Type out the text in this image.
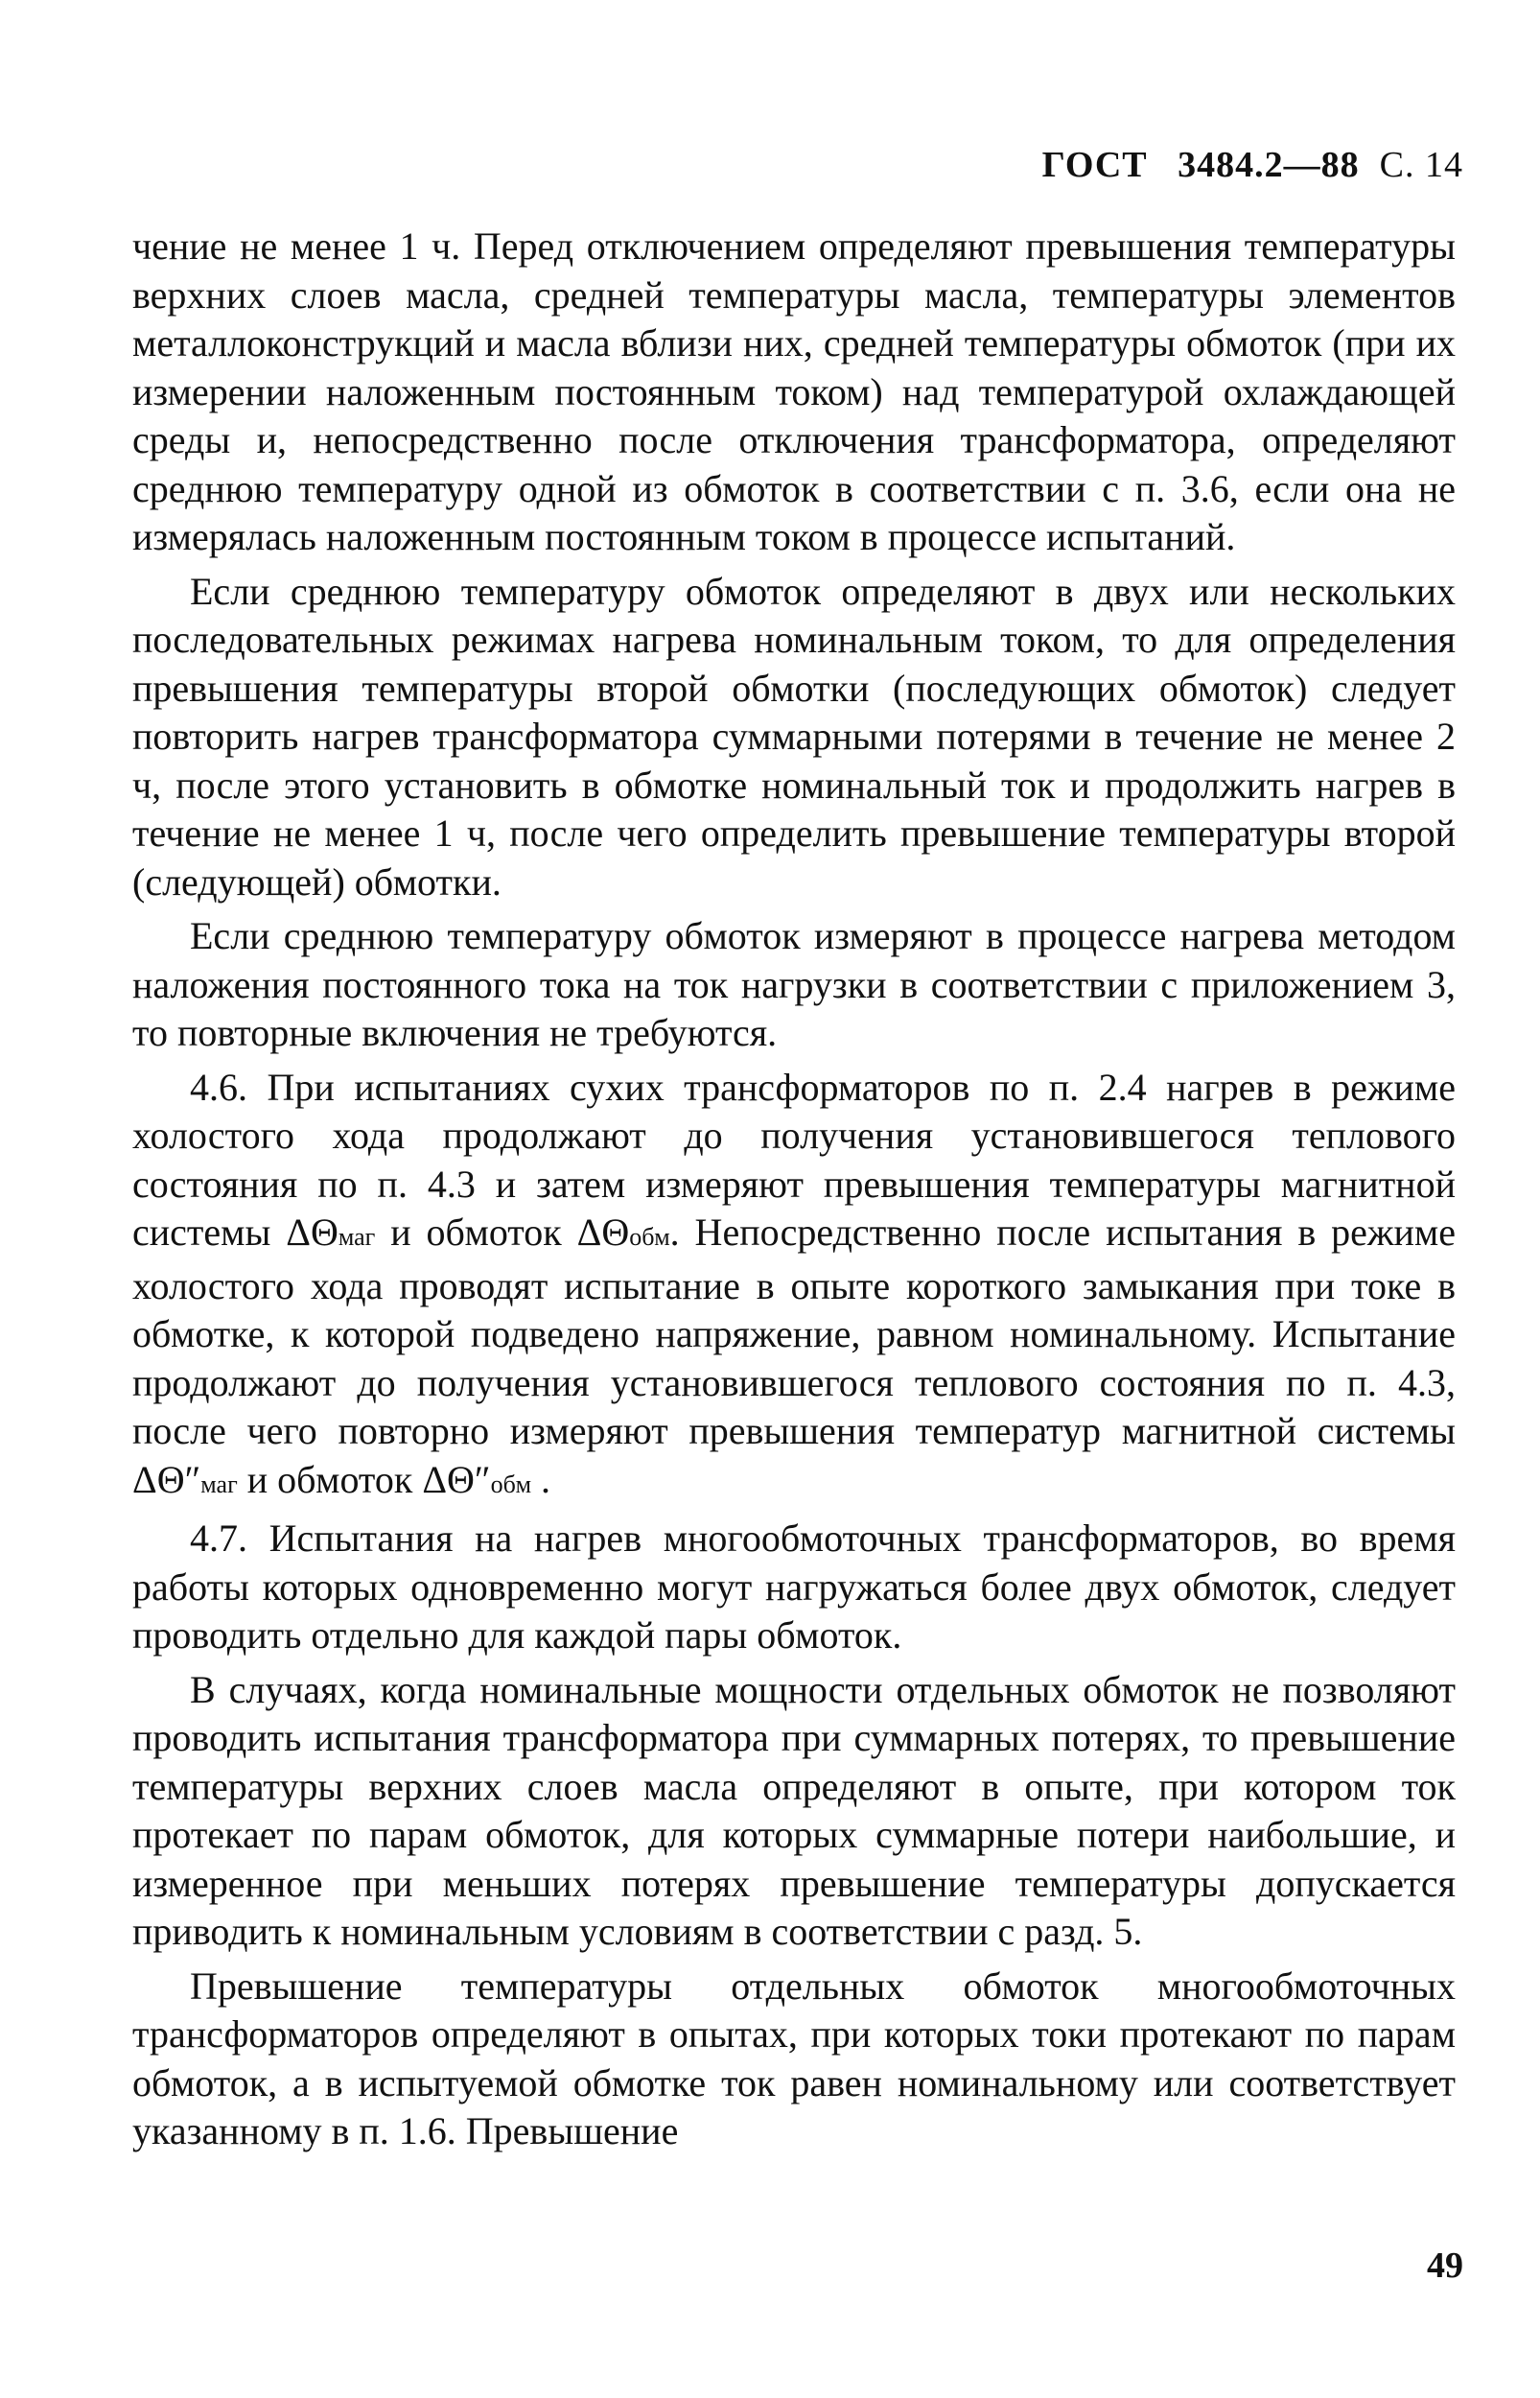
ГОСТ 3484.2—88 С. 14

чение не менее 1 ч. Перед отключением определяют превышения температуры верхних слоев масла, средней температуры масла, температуры элементов металлоконструкций и масла вблизи них, средней температуры обмоток (при их измерении наложенным постоянным током) над температурой охлаждающей среды и, непосредственно после отключения трансформатора, определяют среднюю температуру одной из обмоток в соответствии с п. 3.6, если она не измерялась наложенным постоянным током в процессе испытаний.

Если среднюю температуру обмоток определяют в двух или нескольких последовательных режимах нагрева номинальным током, то для определения превышения температуры второй обмотки (последующих обмоток) следует повторить нагрев трансформатора суммарными потерями в течение не менее 2 ч, после этого установить в обмотке номинальный ток и продолжить нагрев в течение не менее 1 ч, после чего определить превышение температуры второй (следующей) обмотки.

Если среднюю температуру обмоток измеряют в процессе нагрева методом наложения постоянного тока на ток нагрузки в соответствии с приложением 3, то повторные включения не требуются.

4.6. При испытаниях сухих трансформаторов по п. 2.4 нагрев в режиме холостого хода продолжают до получения установившегося теплового состояния по п. 4.3 и затем измеряют превышения температуры магнитной системы ΔΘмаг и обмоток ΔΘобм. Непосредственно после испытания в режиме холостого хода проводят испытание в опыте короткого замыкания при токе в обмотке, к которой подведено напряжение, равном номинальному. Испытание продолжают до получения установившегося теплового состояния по п. 4.3, после чего повторно измеряют превышения температур магнитной системы ΔΘ″маг и обмоток ΔΘ″обм .

4.7. Испытания на нагрев многообмоточных трансформаторов, во время работы которых одновременно могут нагружаться более двух обмоток, следует проводить отдельно для каждой пары обмоток.

В случаях, когда номинальные мощности отдельных обмоток не позволяют проводить испытания трансформатора при суммарных потерях, то превышение температуры верхних слоев масла определяют в опыте, при котором ток протекает по парам обмоток, для которых суммарные потери наибольшие, и измеренное при меньших потерях превышение температуры допускается приводить к номинальным условиям в соответствии с разд. 5.

Превышение температуры отдельных обмоток многообмоточных трансформаторов определяют в опытах, при которых токи протекают по парам обмоток, а в испытуемой обмотке ток равен номинальному или соответствует указанному в п. 1.6. Превышение

49
